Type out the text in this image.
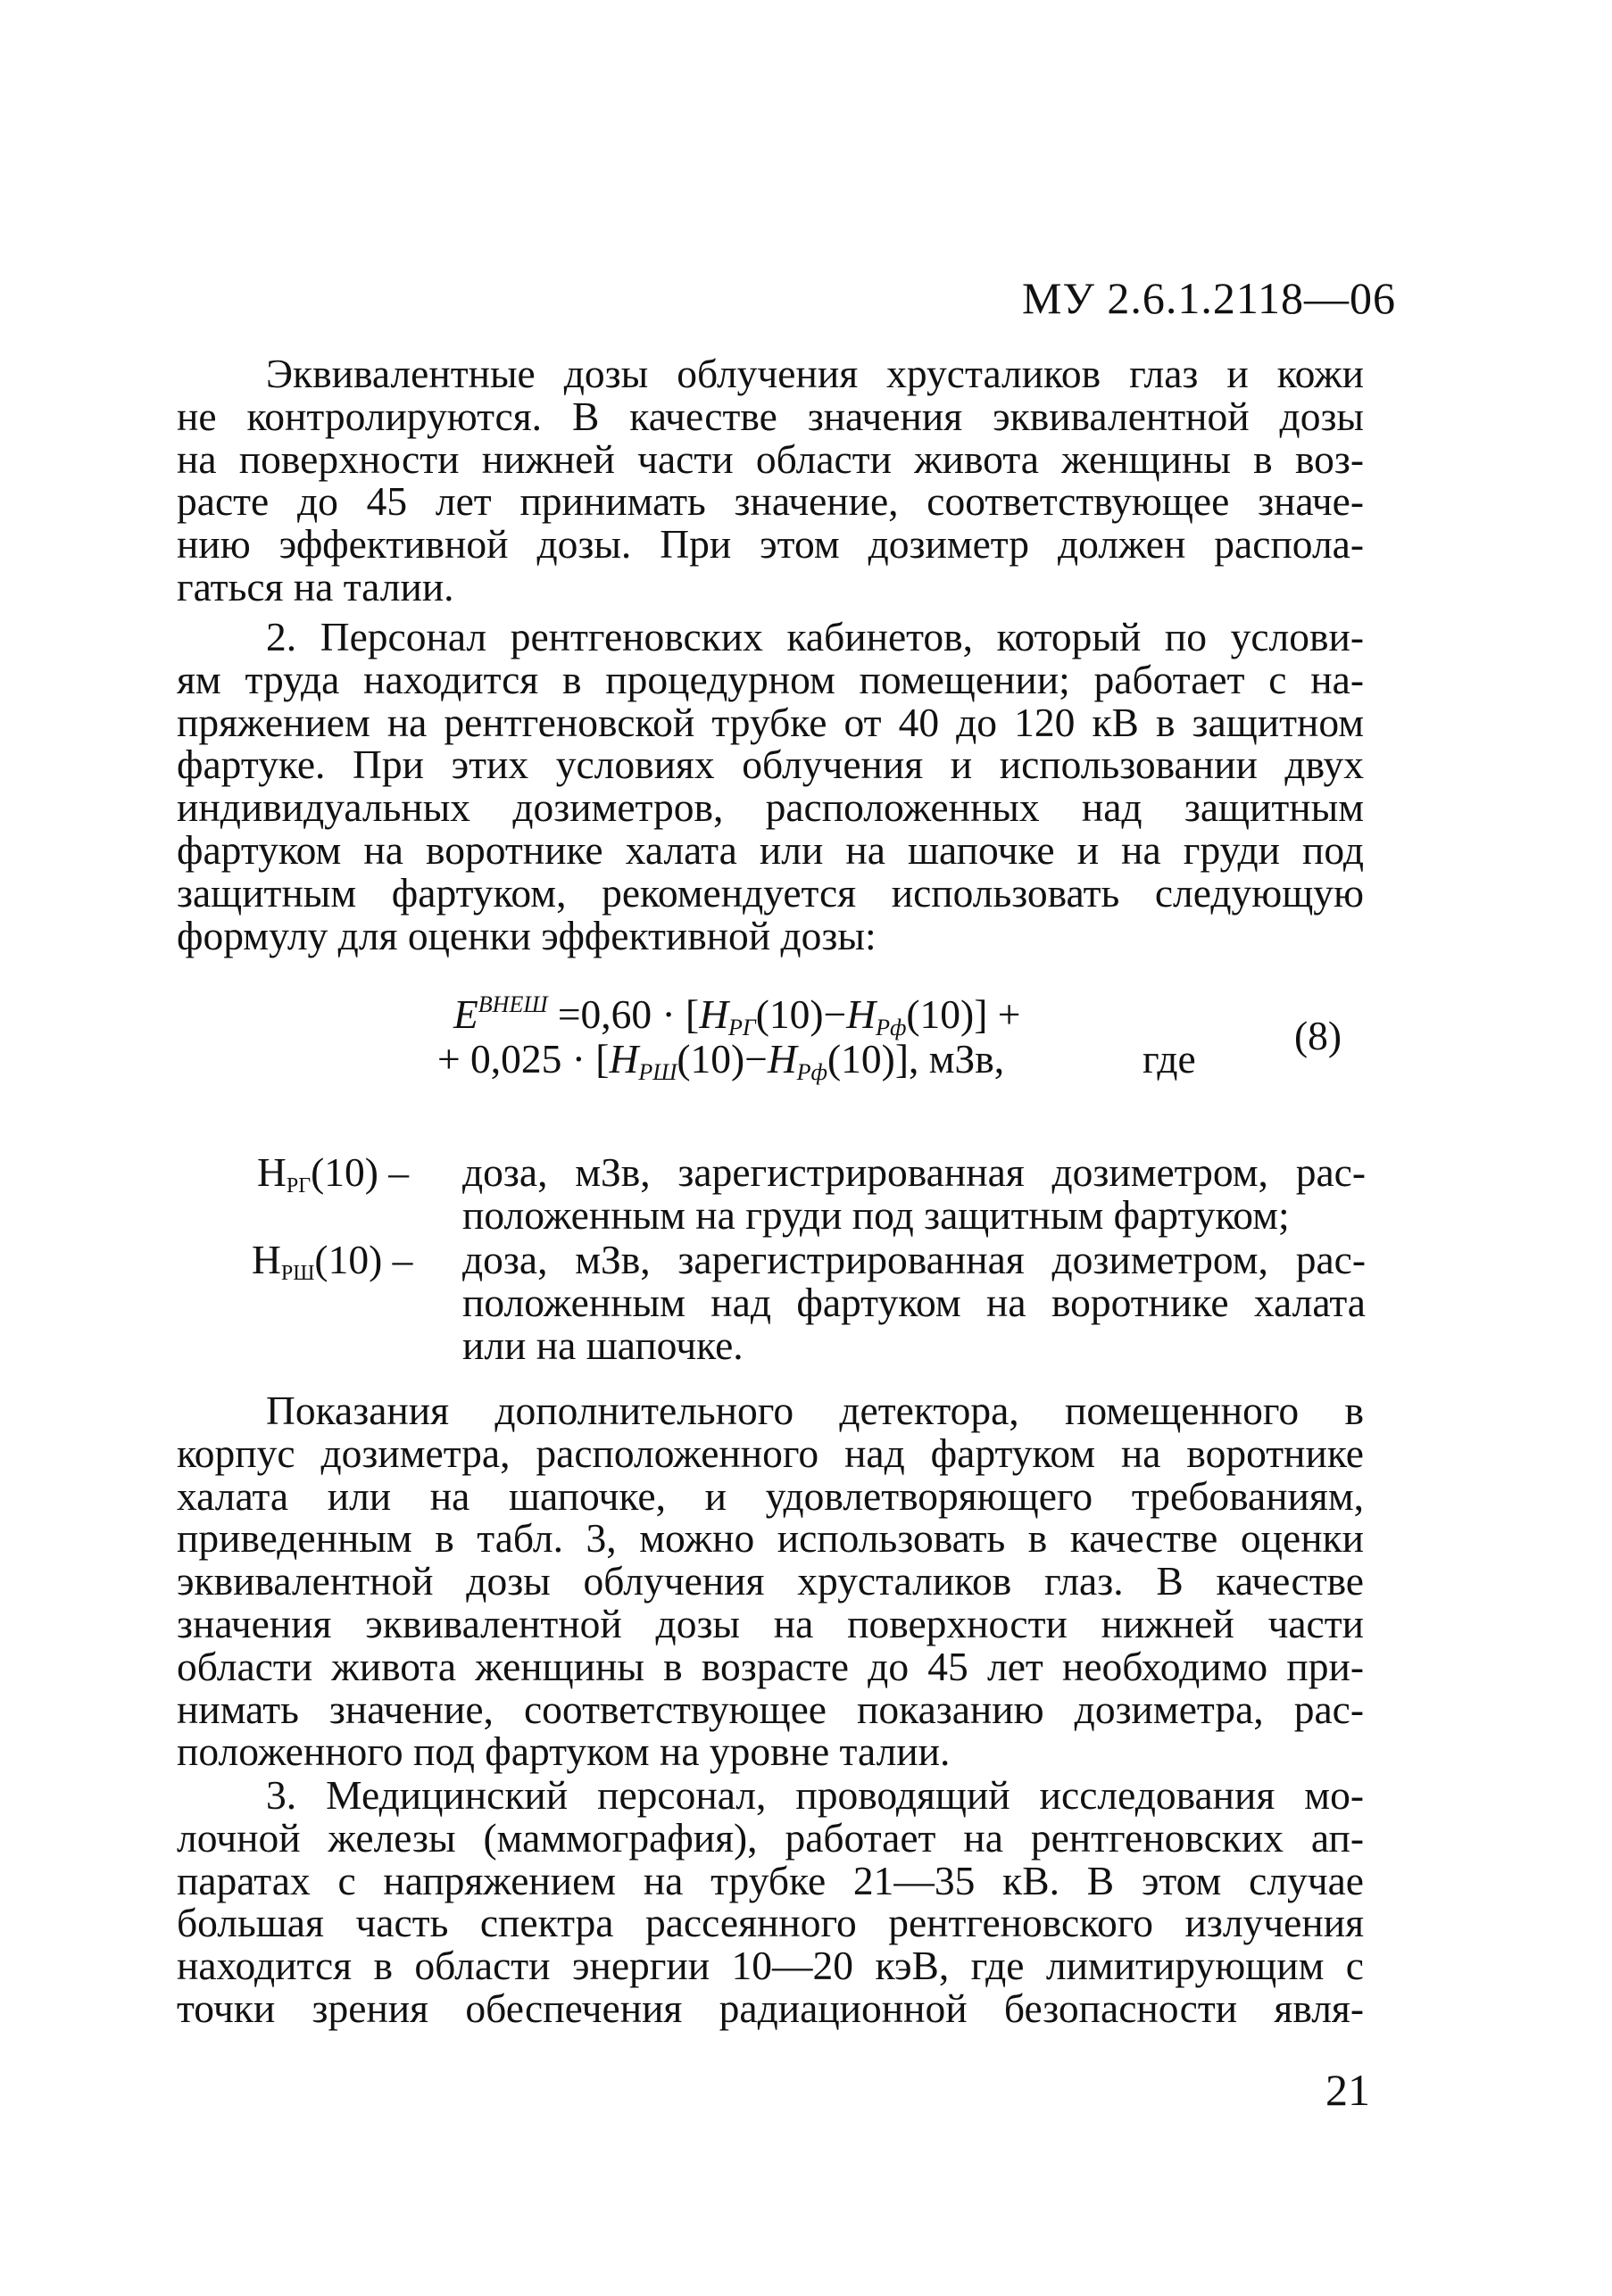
МУ 2.6.1.2118—06

Эквивалентные дозы облучения хрусталиков глаз и кожи

не контролируются. В качестве значения эквивалентной дозы

на поверхности нижней части области живота женщины в воз-

расте до 45 лет принимать значение, соответствующее значе-

нию эффективной дозы. При этом дозиметр должен распола-

гаться на талии.

2. Персонал рентгеновских кабинетов, который по услови-

ям труда находится в процедурном помещении; работает с на-

пряжением на рентгеновской трубке от 40 до 120 кВ в защитном

фартуке. При этих условиях облучения и использовании двух

индивидуальных дозиметров, расположенных над защитным

фартуком на воротнике халата или на шапочке и на груди под

защитным фартуком, рекомендуется использовать следующую

формулу для оценки эффективной дозы:

$E^{ВНЕШ} =0,60 \cdot [H_{РГ}(10)-H_{Рф}(10)]$ +
+ $0,025 \cdot [H_{РШ}(10)-H_{Рф}(10)]$, мЗв,	где
(8)
$H_{РГ}(10)$ – доза, мЗв, зарегистрированная дозиметром, рас-
положенным на груди под защитным фартуком;
$H_{РШ}(10)$ – доза, мЗв, зарегистрированная дозиметром, рас-
положенным над фартуком на воротнике халата
или на шапочке.

Показания дополнительного детектора, помещенного в

корпус дозиметра, расположенного над фартуком на воротнике

халата или на шапочке, и удовлетворяющего требованиям,

приведенным в табл. 3, можно использовать в качестве оценки

эквивалентной дозы облучения хрусталиков глаз. В качестве

значения эквивалентной дозы на поверхности нижней части

области живота женщины в возрасте до 45 лет необходимо при-

нимать значение, соответствующее показанию дозиметра, рас-

положенного под фартуком на уровне талии.

3. Медицинский персонал, проводящий исследования мо-

лочной железы (маммография), работает на рентгеновских ап-

паратах с напряжением на трубке 21—35 кВ. В этом случае

большая часть спектра рассеянного рентгеновского излучения

находится в области энергии 10—20 кэВ, где лимитирующим с

точки зрения обеспечения радиационной безопасности явля-

21
